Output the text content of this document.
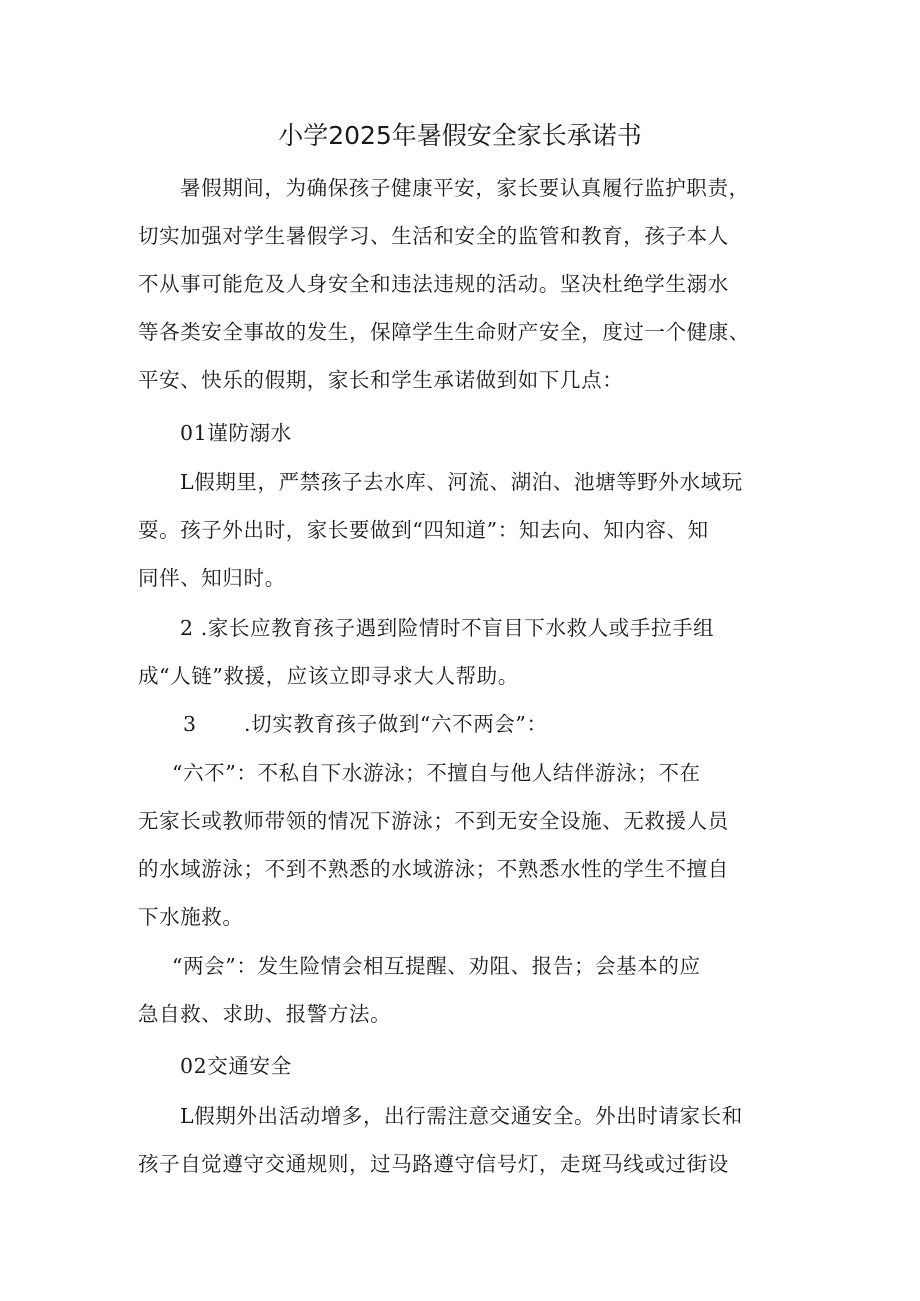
小学2025年暑假安全家长承诺书
暑假期间，为确保孩子健康平安，家长要认真履行监护职责，
切实加强对学生暑假学习、生活和安全的监管和教育，孩子本人
不从事可能危及人身安全和违法违规的活动。坚决杜绝学生溺水
等各类安全事故的发生，保障学生生命财产安全，度过一个健康、
平安、快乐的假期，家长和学生承诺做到如下几点：
01谨防溺水
L假期里，严禁孩子去水库、河流、湖泊、池塘等野外水域玩
耍。孩子外出时，家长要做到“四知道”：知去向、知内容、知
同伴、知归时。
2 .家长应教育孩子遇到险情时不盲目下水救人或手拉手组
成“人链”救援，应该立即寻求大人帮助。
3 .切实教育孩子做到“六不两会”：
“六不”：不私自下水游泳；不擅自与他人结伴游泳；不在
无家长或教师带领的情况下游泳；不到无安全设施、无救援人员
的水域游泳；不到不熟悉的水域游泳；不熟悉水性的学生不擅自
下水施救。
“两会”：发生险情会相互提醒、劝阻、报告；会基本的应
急自救、求助、报警方法。
02交通安全
L假期外出活动增多，出行需注意交通安全。外出时请家长和
孩子自觉遵守交通规则，过马路遵守信号灯，走斑马线或过街设
